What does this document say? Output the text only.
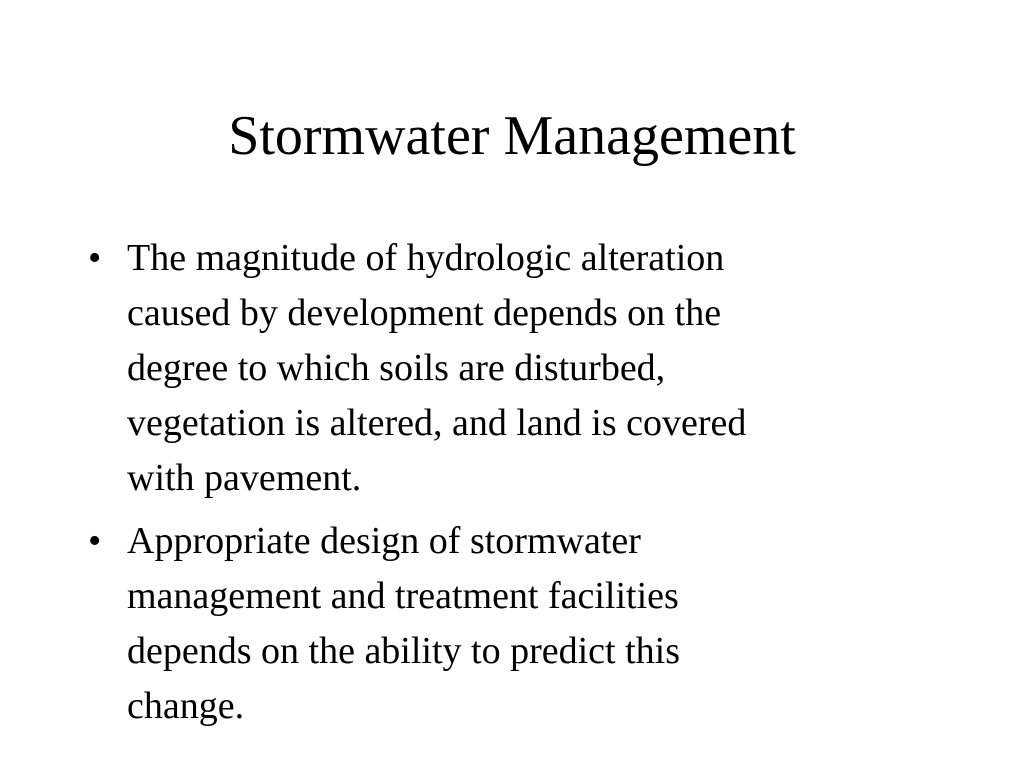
Stormwater Management
• The magnitude of hydrologic alteration
caused by development depends on the
degree to which soils are disturbed,
vegetation is altered, and land is covered
with pavement.
• Appropriate design of stormwater
management and treatment facilities
depends on the ability to predict this
change.
